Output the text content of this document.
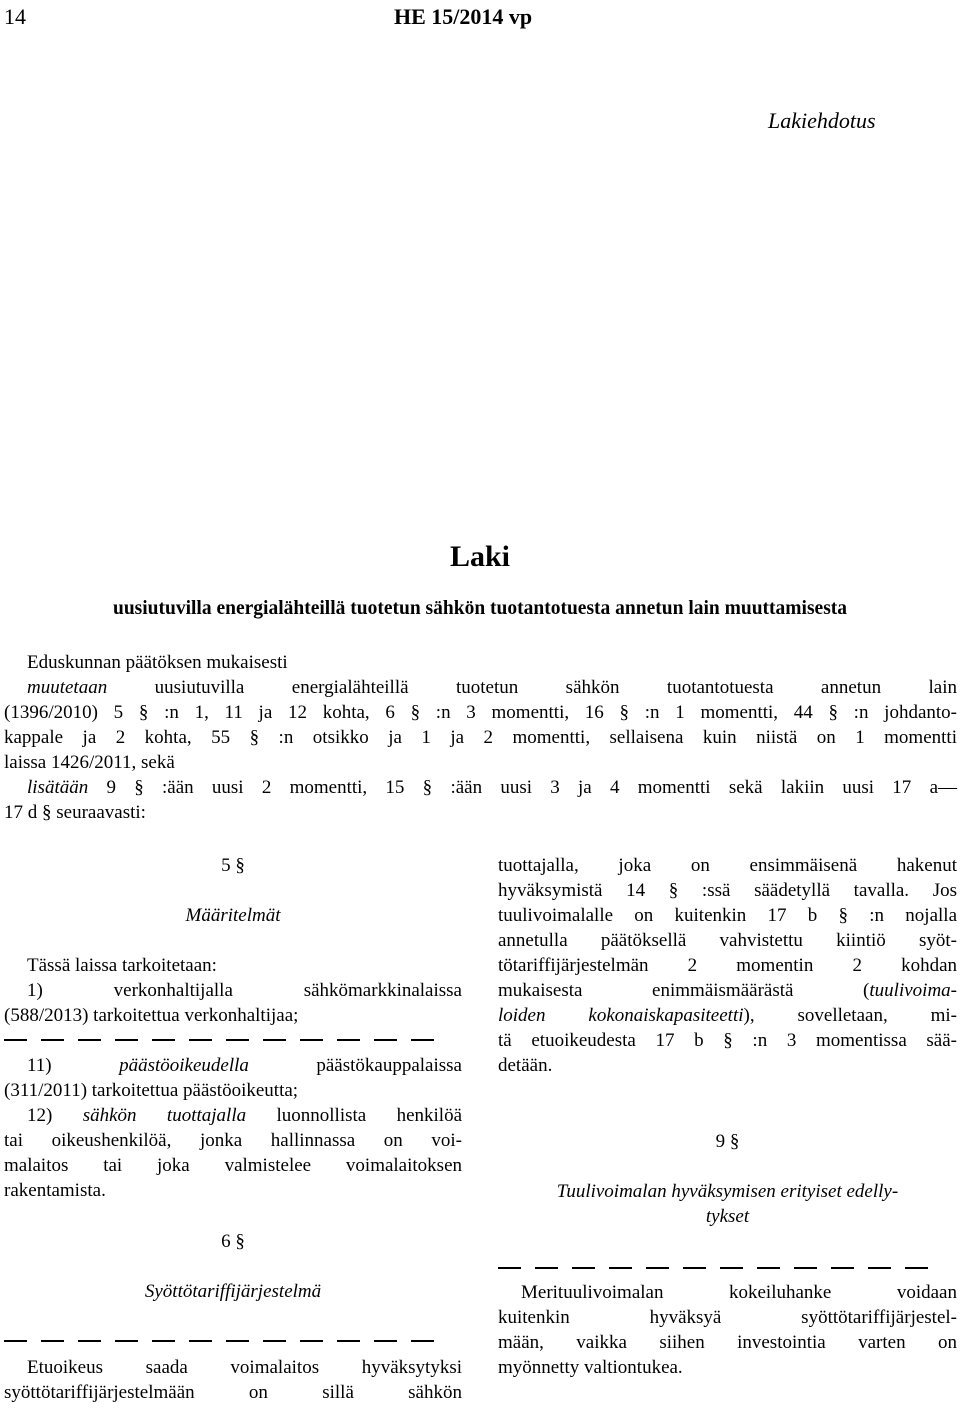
14	HE 15/2014 vp
Lakiehdotus
Laki
uusiutuvilla energialähteillä tuotetun sähkön tuotantotuesta annetun lain muuttamisesta
Eduskunnan päätöksen mukaisesti
muutetaan uusiutuvilla energialähteillä tuotetun sähkön tuotantotuesta annetun lain
(1396/2010) 5 § :n 1, 11 ja 12 kohta, 6 § :n 3 momentti, 16 § :n 1 momentti, 44 § :n johdanto-
kappale ja 2 kohta, 55 § :n otsikko ja 1 ja 2 momentti, sellaisena kuin niistä on 1 momentti
laissa 1426/2011, sekä
lisätään 9 § :ään uusi 2 momentti, 15 § :ään uusi 3 ja 4 momentti sekä lakiin uusi 17 a—
17 d § seuraavasti:
5 §
Määritelmät
Tässä laissa tarkoitetaan:
1) verkonhaltijalla sähkömarkkinalaissa
(588/2013) tarkoitettua verkonhaltijaa;
11) päästöoikeudella päästökauppalaissa
(311/2011) tarkoitettua päästöoikeutta;
12) sähkön tuottajalla luonnollista henkilöä
tai oikeushenkilöä, jonka hallinnassa on voi-
malaitos tai joka valmistelee voimalaitoksen
rakentamista.
6 §
Syöttötariffijärjestelmä
Etuoikeus saada voimalaitos hyväksytyksi
syöttötariffijärjestelmään on sillä sähkön
tuottajalla, joka on ensimmäisenä hakenut
hyväksymistä 14 § :ssä säädetyllä tavalla. Jos
tuulivoimalalle on kuitenkin 17 b § :n nojalla
annetulla päätöksellä vahvistettu kiintiö syöt-
tötariffijärjestelmän 2 momentin 2 kohdan
mukaisesta enimmäismäärästä (tuulivoima-
loiden kokonaiskapasiteetti), sovelletaan, mi-
tä etuoikeudesta 17 b § :n 3 momentissa sää-
detään.
9 §
Tuulivoimalan hyväksymisen erityiset edelly-
tykset
Merituulivoimalan kokeiluhanke voidaan
kuitenkin hyväksyä syöttötariffijärjestel-
mään, vaikka siihen investointia varten on
myönnetty valtiontukea.
